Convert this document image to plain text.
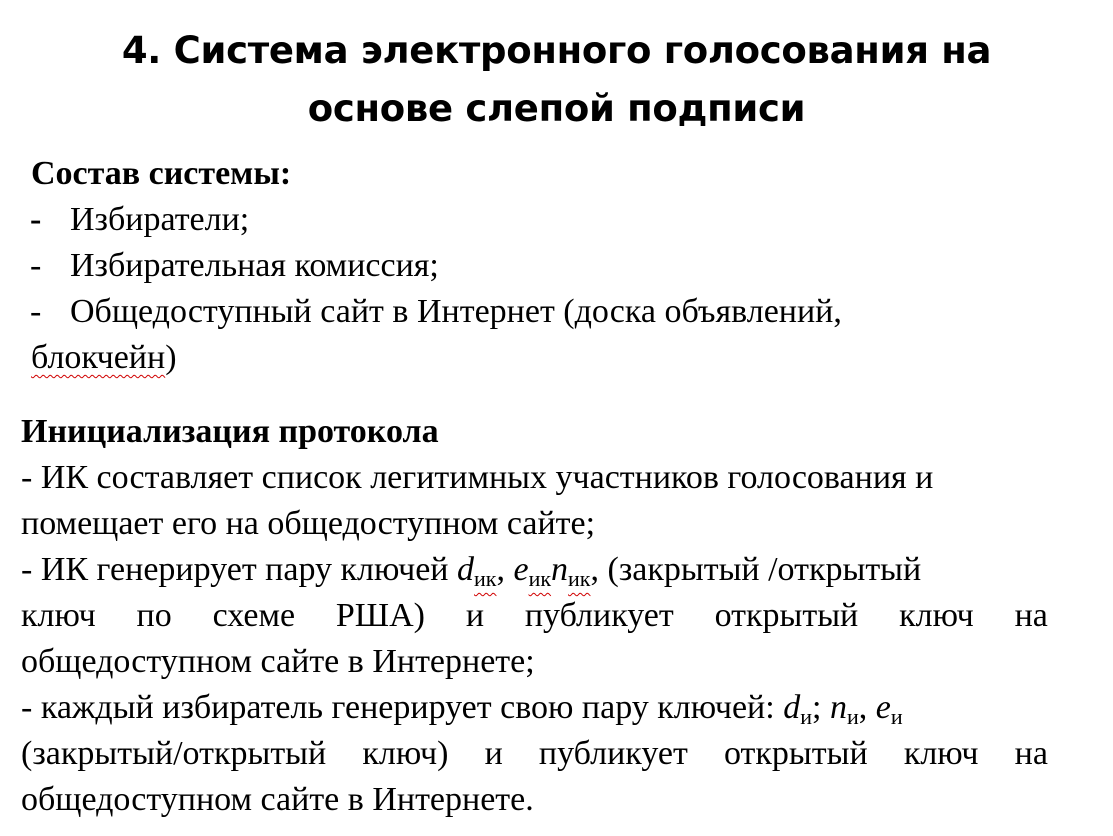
4. Система электронного голосования на
основе слепой подписи
Состав системы:
- Избиратели;
- Избирательная комиссия;
- Общедоступный сайт в Интернет (доска объявлений,
блокчейн)
Инициализация протокола
- ИК составляет список легитимных участников голосования и
помещает его на общедоступном сайте;
- ИК генерирует пару ключей $d_{ик}$, $e_{ик}n_{ик}$, (закрытый /открытый
ключ по схеме РША) и публикует открытый ключ на
общедоступном сайте в Интернете;
- каждый избиратель генерирует свою пару ключей: $d_и$; $n_и$, $e_и$
(закрытый/открытый ключ) и публикует открытый ключ на
общедоступном сайте в Интернете.
